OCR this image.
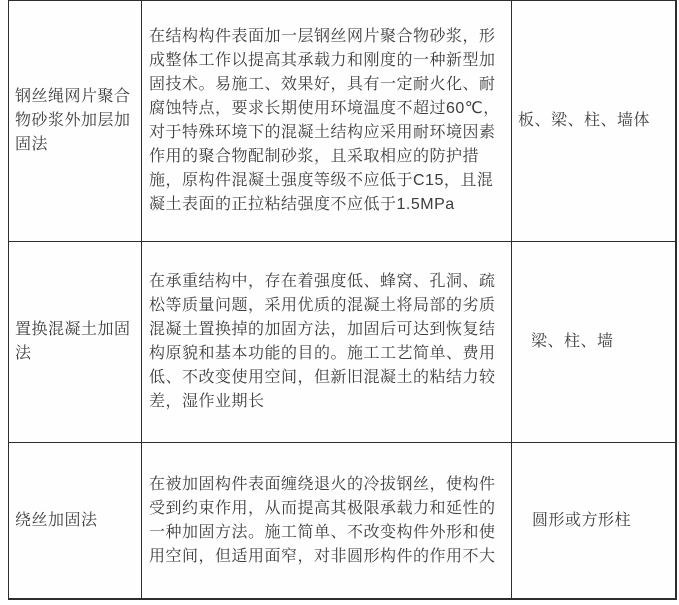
钢丝绳网片聚合物砂浆外加层加固法
在结构构件表面加一层钢丝网片聚合物砂浆，形成整体工作以提高其承载力和刚度的一种新型加固技术。易施工、效果好，具有一定耐火化、耐腐蚀特点，要求长期使用环境温度不超过60℃，对于特殊环境下的混凝土结构应采用耐环境因素作用的聚合物配制砂浆，且采取相应的防护措施，原构件混凝土强度等级不应低于C15，且混凝土表面的正拉粘结强度不应低于1.5MPa
板、梁、柱、墙体
置换混凝土加固法
在承重结构中，存在着强度低、蜂窝、孔洞、疏松等质量问题，采用优质的混凝土将局部的劣质混凝土置换掉的加固方法，加固后可达到恢复结构原貌和基本功能的目的。施工工艺简单、费用低、不改变使用空间，但新旧混凝土的粘结力较差，湿作业期长
梁、柱、墙
绕丝加固法
在被加固构件表面缠绕退火的冷拔钢丝，使构件受到约束作用，从而提高其极限承载力和延性的一种加固方法。施工简单、不改变构件外形和使用空间，但适用面窄，对非圆形构件的作用不大
圆形或方形柱
